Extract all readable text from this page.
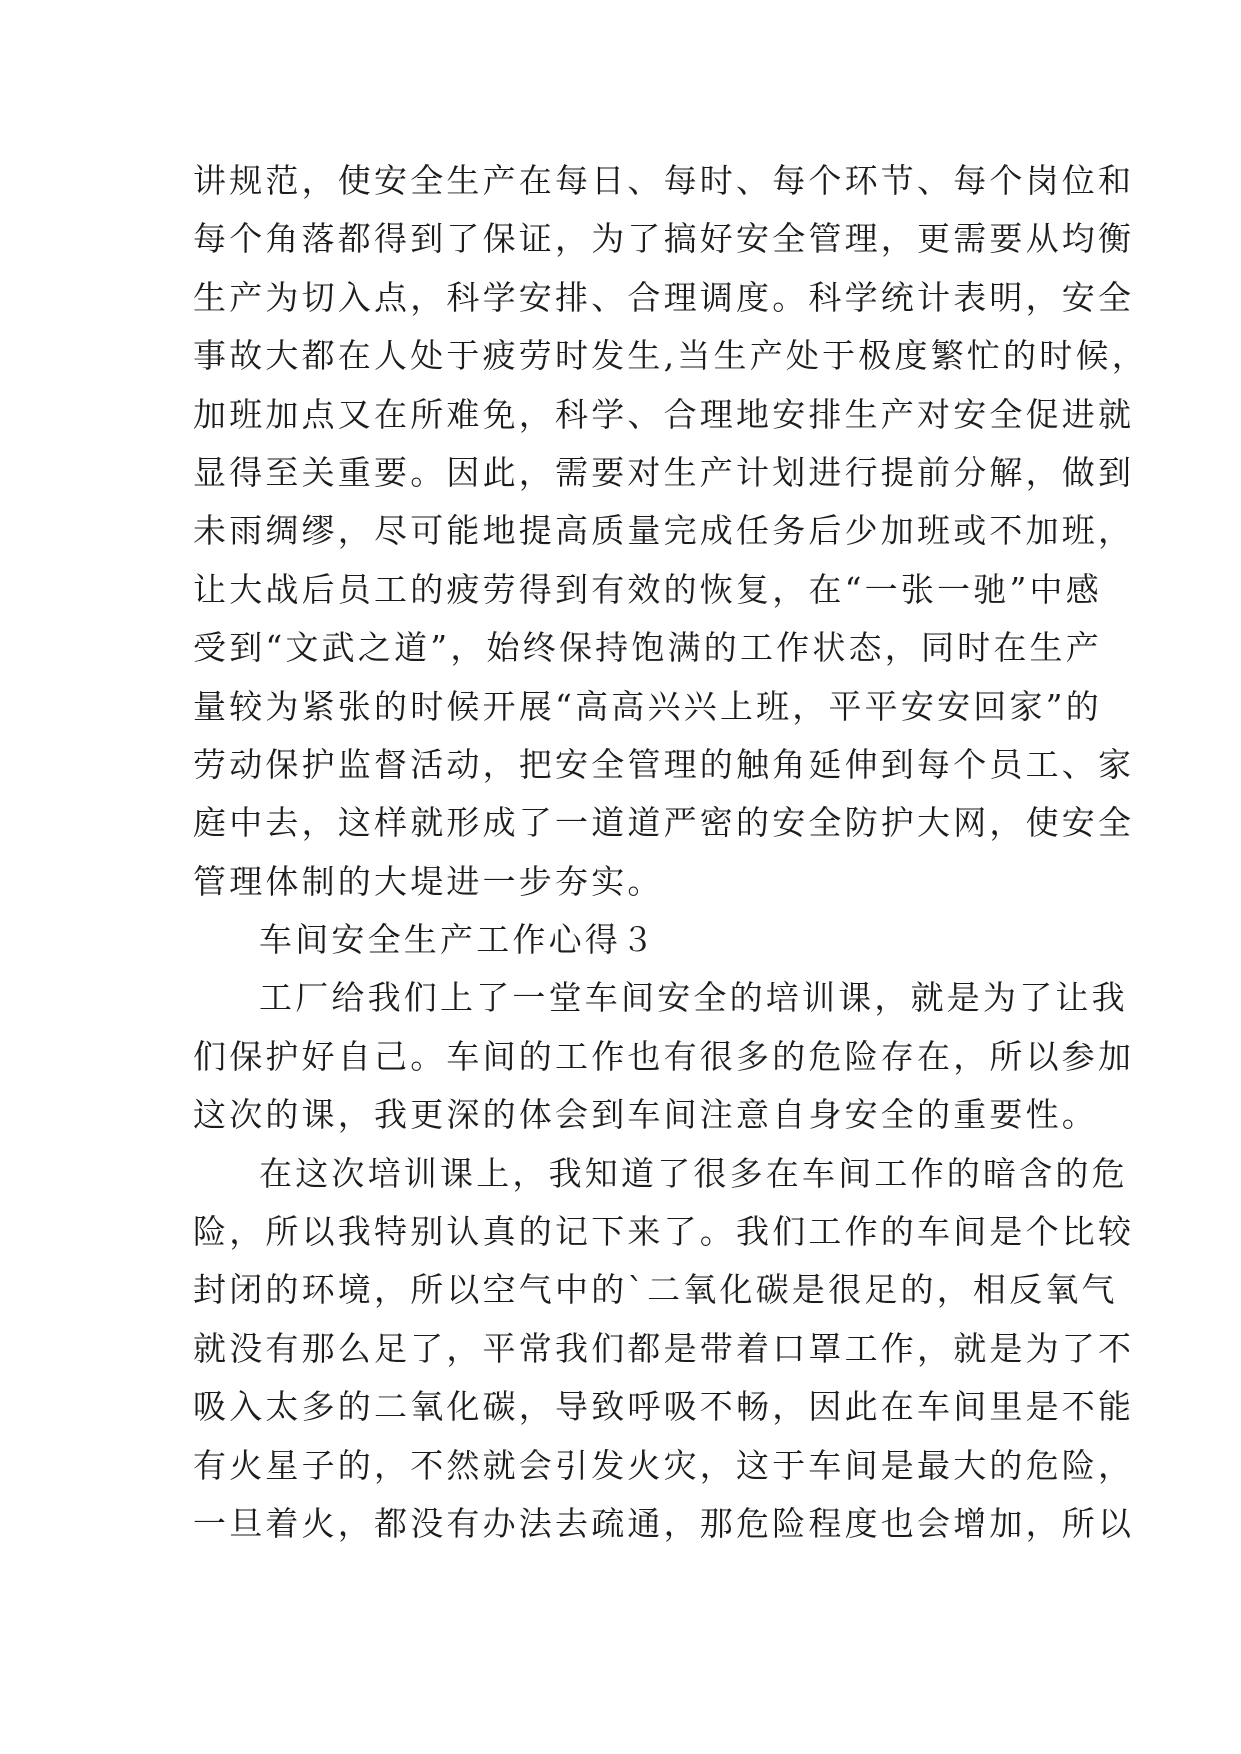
讲规范，使安全生产在每日、每时、每个环节、每个岗位和
每个角落都得到了保证，为了搞好安全管理，更需要从均衡
生产为切入点，科学安排、合理调度。科学统计表明，安全
事故大都在人处于疲劳时发生,当生产处于极度繁忙的时候，
加班加点又在所难免，科学、合理地安排生产对安全促进就
显得至关重要。因此，需要对生产计划进行提前分解，做到
未雨绸缪，尽可能地提高质量完成任务后少加班或不加班，
让大战后员工的疲劳得到有效的恢复，在“一张一驰”中感
受到“文武之道”，始终保持饱满的工作状态，同时在生产
量较为紧张的时候开展“高高兴兴上班，平平安安回家”的
劳动保护监督活动，把安全管理的触角延伸到每个员工、家
庭中去，这样就形成了一道道严密的安全防护大网，使安全
管理体制的大堤进一步夯实。
车间安全生产工作心得３
工厂给我们上了一堂车间安全的培训课，就是为了让我
们保护好自己。车间的工作也有很多的危险存在，所以参加
这次的课，我更深的体会到车间注意自身安全的重要性。
在这次培训课上，我知道了很多在车间工作的暗含的危
险，所以我特别认真的记下来了。我们工作的车间是个比较
封闭的环境，所以空气中的`二氧化碳是很足的，相反氧气
就没有那么足了，平常我们都是带着口罩工作，就是为了不
吸入太多的二氧化碳，导致呼吸不畅，因此在车间里是不能
有火星子的，不然就会引发火灾，这于车间是最大的危险，
一旦着火，都没有办法去疏通，那危险程度也会增加，所以
